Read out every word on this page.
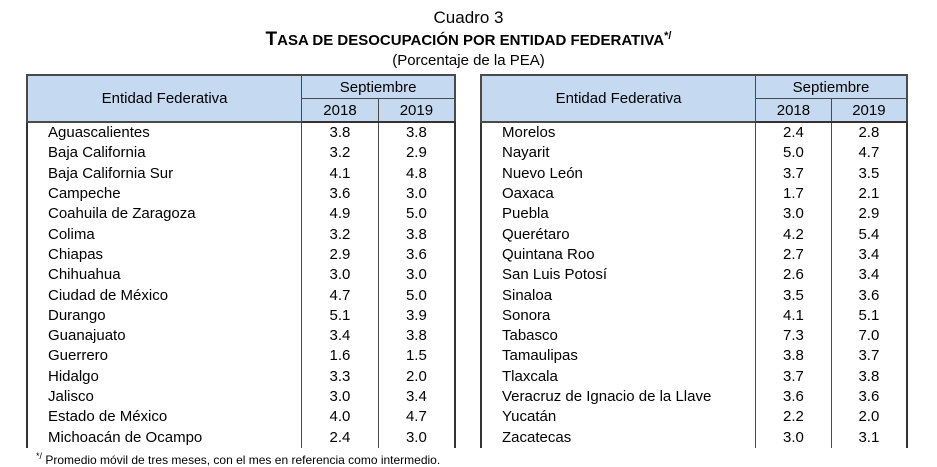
Cuadro 3
TASA DE DESOCUPACIÓN POR ENTIDAD FEDERATIVA*/
(Porcentaje de la PEA)
Entidad Federativa	Septiembre	
	2018	2019
Aguascalientes	3.8	3.8
Baja California	3.2	2.9
Baja California Sur	4.1	4.8
Campeche	3.6	3.0
Coahuila de Zaragoza	4.9	5.0
Colima	3.2	3.8
Chiapas	2.9	3.6
Chihuahua	3.0	3.0
Ciudad de México	4.7	5.0
Durango	5.1	3.9
Guanajuato	3.4	3.8
Guerrero	1.6	1.5
Hidalgo	3.3	2.0
Jalisco	3.0	3.4
Estado de México	4.0	4.7
Michoacán de Ocampo	2.4	3.0
Entidad Federativa	Septiembre	
	2018	2019
Morelos	2.4	2.8
Nayarit	5.0	4.7
Nuevo León	3.7	3.5
Oaxaca	1.7	2.1
Puebla	3.0	2.9
Querétaro	4.2	5.4
Quintana Roo	2.7	3.4
San Luis Potosí	2.6	3.4
Sinaloa	3.5	3.6
Sonora	4.1	5.1
Tabasco	7.3	7.0
Tamaulipas	3.8	3.7
Tlaxcala	3.7	3.8
Veracruz de Ignacio de la Llave	3.6	3.6
Yucatán	2.2	2.0
Zacatecas	3.0	3.1
*/ Promedio móvil de tres meses, con el mes en referencia como intermedio.
